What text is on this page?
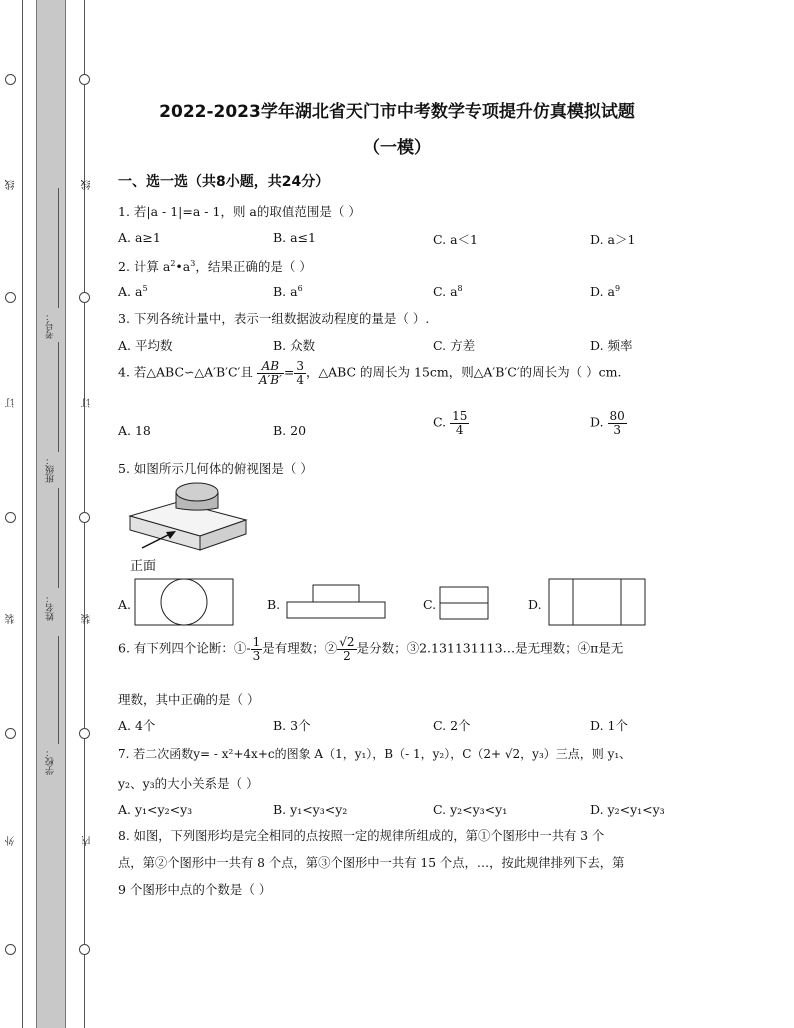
线
订
装
外
线
订
装
内
考号：
班级：
姓名：
学校：
2022-2023学年湖北省天门市中考数学专项提升仿真模拟试题
（一模）
一、选一选（共8小题，共24分）
1. 若|a - 1|=a - 1，则 a的取值范围是（ ）
A. a≥1	B. a≤1	C. a＜1	D. a＞1
2. 计算 $a^2•a^3$，结果正确的是（ ）
A. $a^5$	B. $a^6$	C. $a^8$	D. $a^9$
3. 下列各统计量中，表示一组数据波动程度的量是（ ）.
A. 平均数	B. 众数	C. 方差	D. 频率
4. 若△ABC∽△A′B′C′且 $\frac{AB}{A'B'} = \frac{3}{4}$ ，△ABC 的周长为 15cm，则△A′B′C′的周长为（ ）cm.
A. 18	B. 20
C. $\frac{15}{4}$	D. $\frac{80}{3}$
5. 如图所示几何体的俯视图是（ ）
正面
A.	B.	C.	D.
6. 有下列四个论断：①- $\frac{1}{3}$ 是有理数；② $\frac{√2}{2}$ 是分数；③2.131131113…是无理数；④π是无
理数，其中正确的是（ ）
A. 4个	B. 3个	C. 2个	D. 1个
7. 若二次函数y= - x²+4x+c的图象 A（1，y₁），B（- 1，y₂），C（2+ √2，y₃）三点，则 y₁、
y₂、y₃的大小关系是（ ）
A. y₁<y₂<y₃	B. y₁<y₃<y₂	C. y₂<y₃<y₁	D. y₂<y₁<y₃
8. 如图，下列图形均是完全相同的点按照一定的规律所组成的，第①个图形中一共有 3 个
点，第②个图形中一共有 8 个点，第③个图形中一共有 15 个点，…，按此规律排列下去，第
9 个图形中点的个数是（ ）
